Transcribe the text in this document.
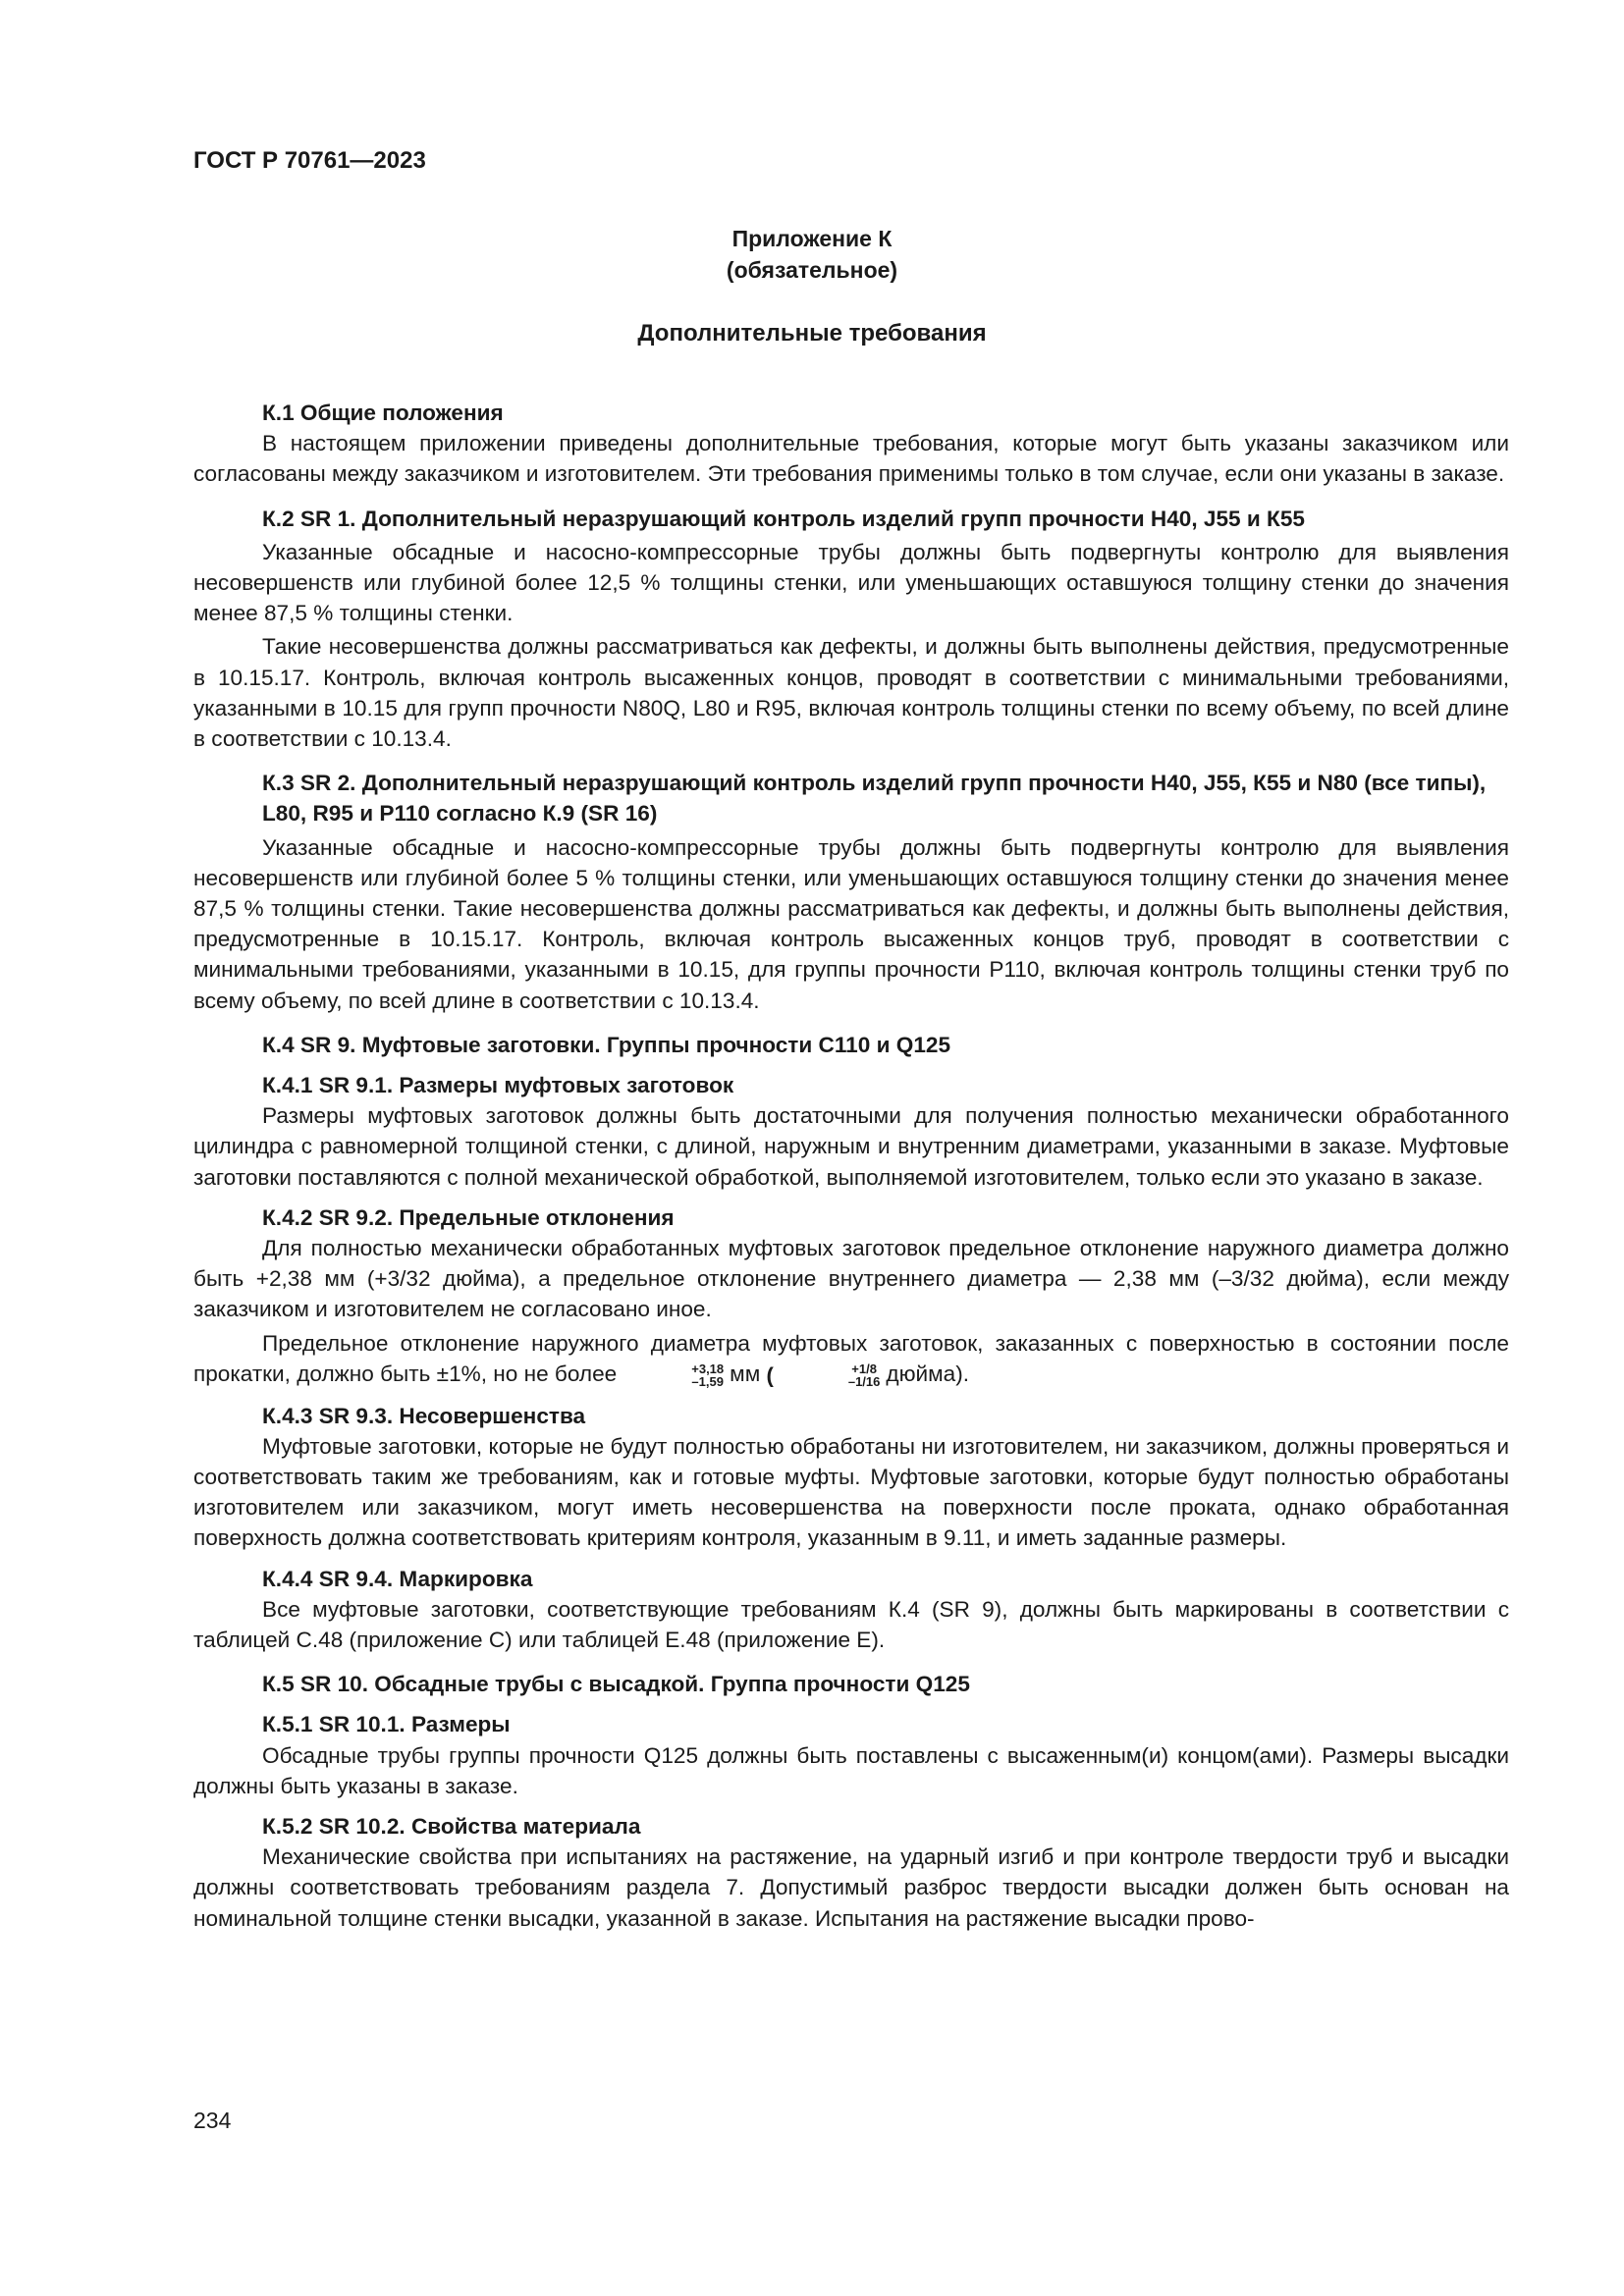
ГОСТ Р 70761—2023
Приложение К
(обязательное)
Дополнительные требования
К.1 Общие положения

В настоящем приложении приведены дополнительные требования, которые могут быть указаны заказчиком или согласованы между заказчиком и изготовителем. Эти требования применимы только в том случае, если они указаны в заказе.

К.2 SR 1. Дополнительный неразрушающий контроль изделий групп прочности Н40, J55 и К55

Указанные обсадные и насосно-компрессорные трубы должны быть подвергнуты контролю для выявления несовершенств или глубиной более 12,5 % толщины стенки, или уменьшающих оставшуюся толщину стенки до значения менее 87,5 % толщины стенки.

Такие несовершенства должны рассматриваться как дефекты, и должны быть выполнены действия, предусмотренные в 10.15.17. Контроль, включая контроль высаженных концов, проводят в соответствии с минимальными требованиями, указанными в 10.15 для групп прочности N80Q, L80 и R95, включая контроль толщины стенки по всему объему, по всей длине в соответствии с 10.13.4.

К.3 SR 2. Дополнительный неразрушающий контроль изделий групп прочности Н40, J55, К55 и N80 (все типы), L80, R95 и Р110 согласно К.9 (SR 16)

Указанные обсадные и насосно-компрессорные трубы должны быть подвергнуты контролю для выявления несовершенств или глубиной более 5 % толщины стенки, или уменьшающих оставшуюся толщину стенки до значения менее 87,5 % толщины стенки. Такие несовершенства должны рассматриваться как дефекты, и должны быть выполнены действия, предусмотренные в 10.15.17. Контроль, включая контроль высаженных концов труб, проводят в соответствии с минимальными требованиями, указанными в 10.15, для группы прочности Р110, включая контроль толщины стенки труб по всему объему, по всей длине в соответствии с 10.13.4.

К.4 SR 9. Муфтовые заготовки. Группы прочности С110 и Q125
К.4.1 SR 9.1. Размеры муфтовых заготовок

Размеры муфтовых заготовок должны быть достаточными для получения полностью механически обработанного цилиндра с равномерной толщиной стенки, с длиной, наружным и внутренним диаметрами, указанными в заказе. Муфтовые заготовки поставляются с полной механической обработкой, выполняемой изготовителем, только если это указано в заказе.

К.4.2 SR 9.2. Предельные отклонения

Для полностью механически обработанных муфтовых заготовок предельное отклонение наружного диаметра должно быть +2,38 мм (+3/32 дюйма), а предельное отклонение внутреннего диаметра — 2,38 мм (–3/32 дюйма), если между заказчиком и изготовителем не согласовано иное.

Предельное отклонение наружного диаметра муфтовых заготовок, заказанных с поверхностью в состоянии после прокатки, должно быть ±1%, но не более	+3,18
–1,59 мм (	+1/8
–1/16 дюйма).

К.4.3 SR 9.3. Несовершенства

Муфтовые заготовки, которые не будут полностью обработаны ни изготовителем, ни заказчиком, должны проверяться и соответствовать таким же требованиям, как и готовые муфты. Муфтовые заготовки, которые будут полностью обработаны изготовителем или заказчиком, могут иметь несовершенства на поверхности после проката, однако обработанная поверхность должна соответствовать критериям контроля, указанным в 9.11, и иметь заданные размеры.

К.4.4 SR 9.4. Маркировка

Все муфтовые заготовки, соответствующие требованиям К.4 (SR 9), должны быть маркированы в соответствии с таблицей С.48 (приложение С) или таблицей Е.48 (приложение Е).

К.5 SR 10. Обсадные трубы с высадкой. Группа прочности Q125
К.5.1 SR 10.1. Размеры

Обсадные трубы группы прочности Q125 должны быть поставлены с высаженным(и) концом(ами). Размеры высадки должны быть указаны в заказе.

К.5.2 SR 10.2. Свойства материала

Механические свойства при испытаниях на растяжение, на ударный изгиб и при контроле твердости труб и высадки должны соответствовать требованиям раздела 7. Допустимый разброс твердости высадки должен быть основан на номинальной толщине стенки высадки, указанной в заказе. Испытания на растяжение высадки прово-

234
